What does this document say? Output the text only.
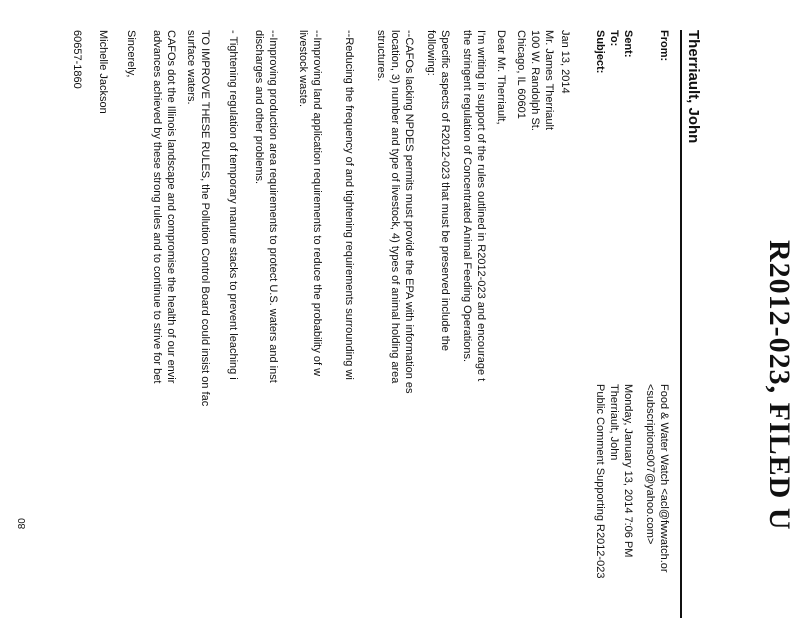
R2012-023, FILED U
Therriault, John
From:
Food & Water Watch <acl@fwwatch.or
<subscriptions007@yahoo.com>
Sent:
Monday, January 13, 2014 7:06 PM
To:
Therriault, John
Subject:
Public Comment Supporting R2012-023
Jan 13, 2014
Mr. James Therriault
100 W. Randolph St.
Chicago, IL 60601
Dear Mr. Therriault,
I'm writing in support of the rules outlined in R2012-023 and encourage t
the stringent regulation of Concentrated Animal Feeding Operations.
Specific aspects of R2012-023 that must be preserved include the
following:
--CAFOs lacking NPDES permits must provide the EPA with information es
location, 3) number and type of livestock, 4) types of animal holding area
structures.
--Reducing the frequency of and tightening requirements surrounding wi
--Improving land application requirements to reduce the probability of w
livestock waste.
--Improving production area requirements to protect U.S. waters and inst
discharges and other problems.
- Tightening regulation of temporary manure stacks to prevent leaching i
TO IMPROVE THESE RULES, the Pollution Control Board could insist on fac
surface waters.
CAFOs dot the Illinois landscape and compromise the health of our envir
advances achieved by these strong rules and to continue to strive for bet
Sincerely,
Michelle Jackson
60657-1860
80
